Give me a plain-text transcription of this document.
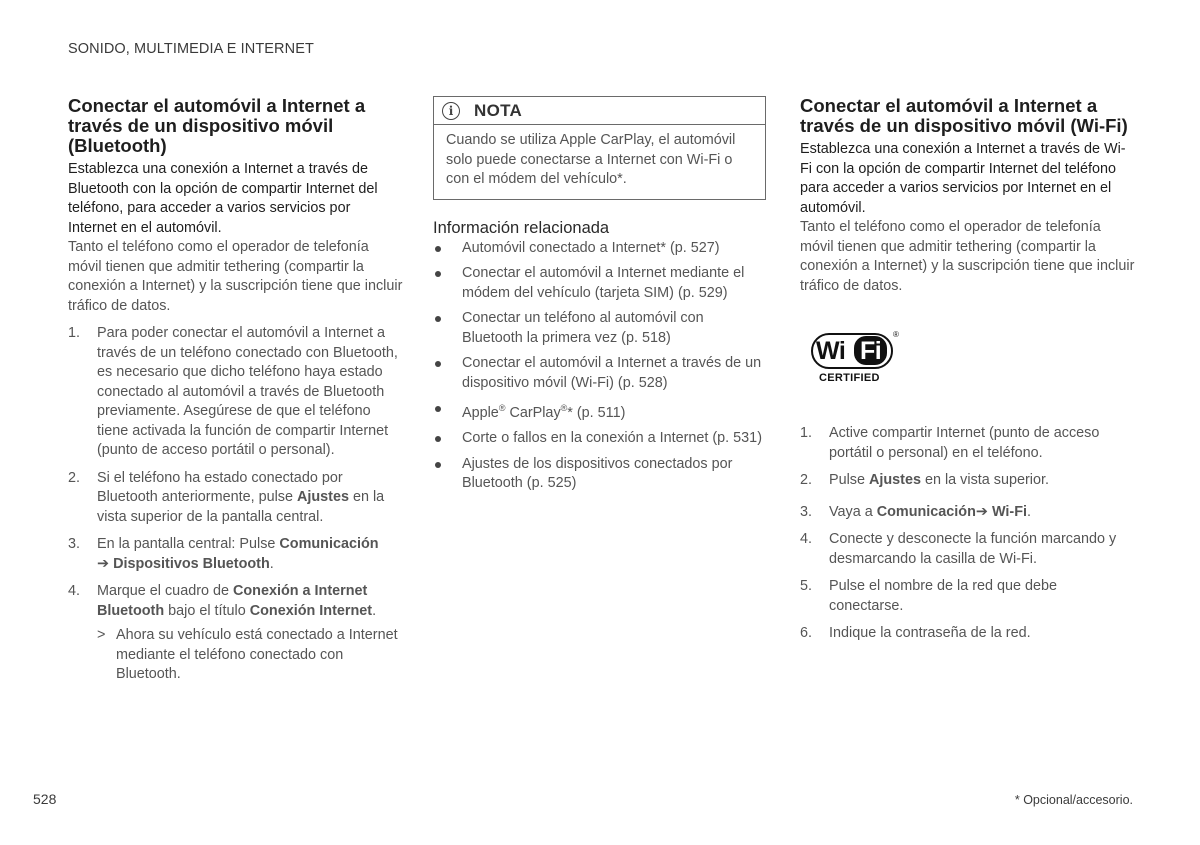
SONIDO, MULTIMEDIA E INTERNET
Conectar el automóvil a Internet a través de un dispositivo móvil (Bluetooth)

Establezca una conexión a Internet a través de Bluetooth con la opción de compartir Internet del teléfono, para acceder a varios servicios por Internet en el automóvil.

Tanto el teléfono como el operador de telefonía móvil tienen que admitir tethering (compartir la conexión a Internet) y la suscripción tiene que incluir tráfico de datos.

1. Para poder conectar el automóvil a Internet a través de un teléfono conectado con Bluetooth, es necesario que dicho teléfono haya estado conectado al automóvil a través de Bluetooth previamente. Asegúrese de que el teléfono tiene activada la función de compartir Internet (punto de acceso portátil o personal).
2. Si el teléfono ha estado conectado por Bluetooth anteriormente, pulse Ajustes en la vista superior de la pantalla central.
3. En la pantalla central: Pulse Comunicación
➔ Dispositivos Bluetooth.
4. Marque el cuadro de Conexión a Internet Bluetooth bajo el título Conexión Internet.
> Ahora su vehículo está conectado a Internet mediante el teléfono conectado con Bluetooth.
i	NOTA
Cuando se utiliza Apple CarPlay, el automóvil solo puede conectarse a Internet con Wi-Fi o con el módem del vehículo*.
Información relacionada
Automóvil conectado a Internet* (p. 527)
Conectar el automóvil a Internet mediante el módem del vehículo (tarjeta SIM) (p. 529)
Conectar un teléfono al automóvil con Bluetooth la primera vez (p. 518)
Conectar el automóvil a Internet a través de un dispositivo móvil (Wi-Fi) (p. 528)
Apple® CarPlay®* (p. 511)
Corte o fallos en la conexión a Internet (p. 531)
Ajustes de los dispositivos conectados por Bluetooth (p. 525)
Conectar el automóvil a Internet a través de un dispositivo móvil (Wi-Fi)

Establezca una conexión a Internet a través de Wi-Fi con la opción de compartir Internet del teléfono para acceder a varios servicios por Internet en el automóvil.

Tanto el teléfono como el operador de telefonía móvil tienen que admitir tethering (compartir la conexión a Internet) y la suscripción tiene que incluir tráfico de datos.

Wi Fi
®
CERTIFIED
1. Active compartir Internet (punto de acceso portátil o personal) en el teléfono.
2. Pulse Ajustes en la vista superior.
3. Vaya a Comunicación➔ Wi-Fi.
4. Conecte y desconecte la función marcando y desmarcando la casilla de Wi-Fi.
5. Pulse el nombre de la red que debe conectarse.
6. Indique la contraseña de la red.
528	* Opcional/accesorio.
